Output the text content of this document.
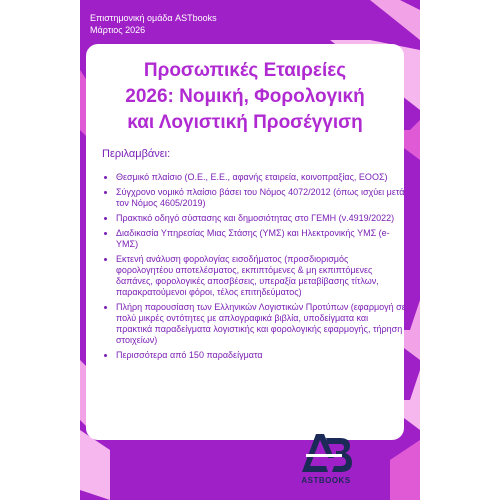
Επιστημονική ομάδα ASTbooks
Μάρτιος 2026
Προσωπικές Εταιρείες
2026: Νομική, Φορολογική
και Λογιστική Προσέγγιση
Περιλαμβάνει:
• Θεσμικό πλαίσιο (Ο.Ε., Ε.Ε., αφανής εταιρεία, κοινοπραξίας, ΕΟΟΣ)
• Σύγχρονο νομικό πλαίσιο βάσει του Νόμος 4072/2012 (όπως ισχύει μετά τον Νόμος 4605/2019)
• Πρακτικό οδηγό σύστασης και δημοσιότητας στο ΓΕΜΗ (ν.4919/2022)
• Διαδικασία Υπηρεσίας Μιας Στάσης (ΥΜΣ) και Ηλεκτρονικής ΥΜΣ (e-ΥΜΣ)
• Εκτενή ανάλυση φορολογίας εισοδήματος (προσδιορισμός φορολογητέου αποτελέσματος, εκπιπτόμενες & μη εκπιπτόμενες δαπάνες, φορολογικές αποσβέσεις, υπεραξία μεταβίβασης τίτλων, παρακρατούμενοι φόροι, τέλος επιτηδεύματος)
• Πλήρη παρουσίαση των Ελληνικών Λογιστικών Προτύπων (εφαρμογή σε πολύ μικρές οντότητες με απλογραφικά βιβλία, υποδείγματα και πρακτικά παραδείγματα λογιστικής και φορολογικής εφαρμογής, τήρηση στοιχείων)
• Περισσότερα από 150 παραδείγματα
ASTBOOKS
